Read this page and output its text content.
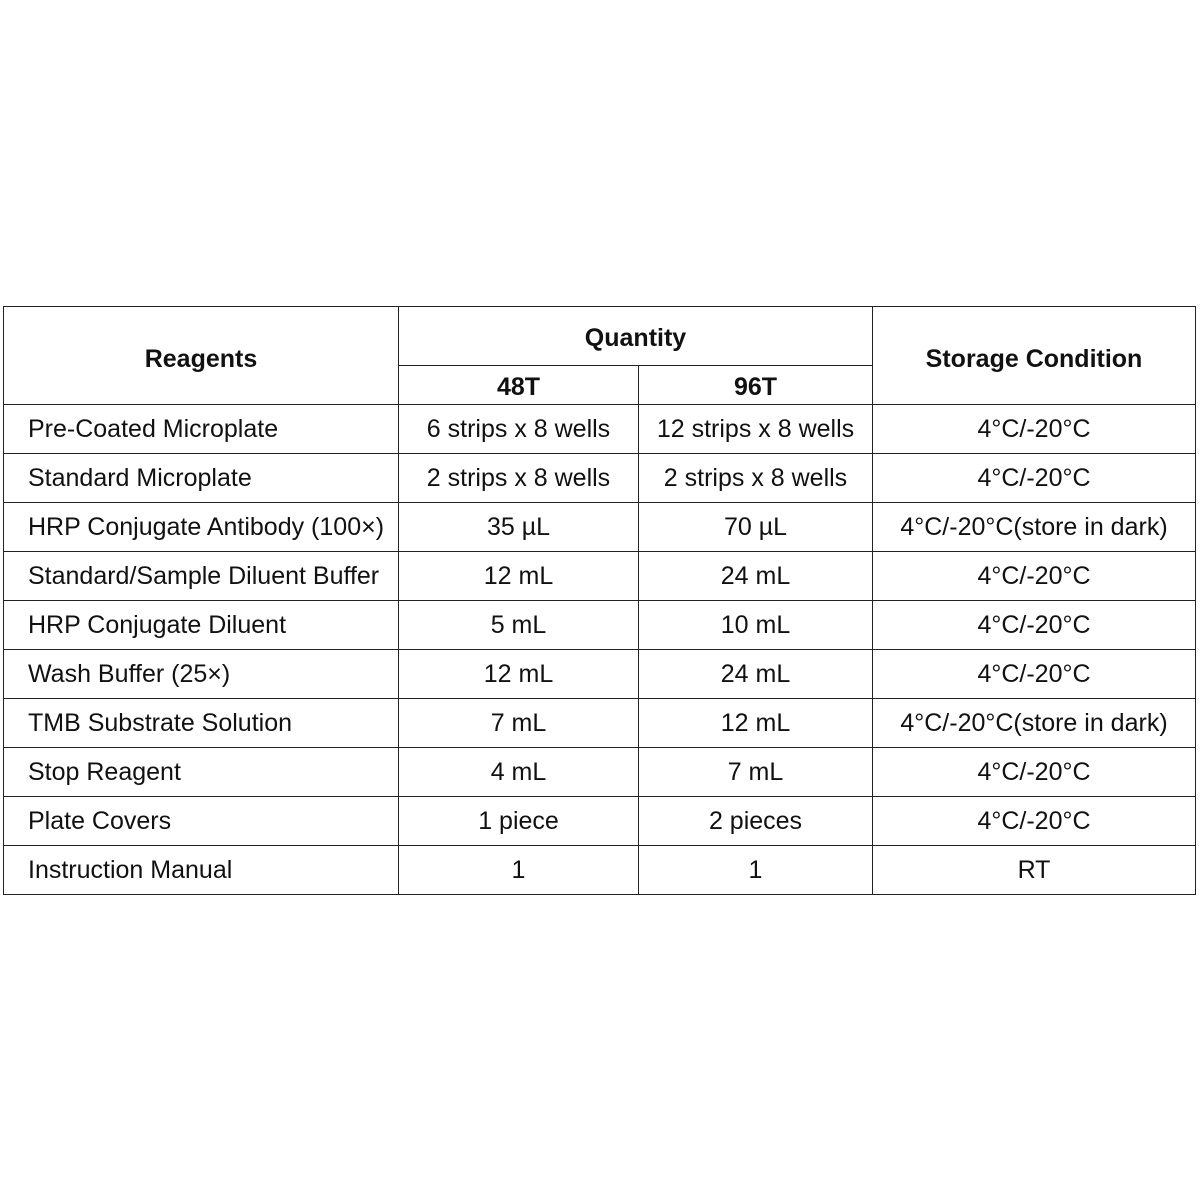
Reagents	Quantity		Storage Condition
	48T	96T	
Pre-Coated Microplate	6 strips x 8 wells	12 strips x 8 wells	4°C/-20°C
Standard Microplate	2 strips x 8 wells	2 strips x 8 wells	4°C/-20°C
HRP Conjugate Antibody (100×)	35 µL	70 µL	4°C/-20°C(store in dark)
Standard/Sample Diluent Buffer	12 mL	24 mL	4°C/-20°C
HRP Conjugate Diluent	5 mL	10 mL	4°C/-20°C
Wash Buffer (25×)	12 mL	24 mL	4°C/-20°C
TMB Substrate Solution	7 mL	12 mL	4°C/-20°C(store in dark)
Stop Reagent	4 mL	7 mL	4°C/-20°C
Plate Covers	1 piece	2 pieces	4°C/-20°C
Instruction Manual	1	1	RT
